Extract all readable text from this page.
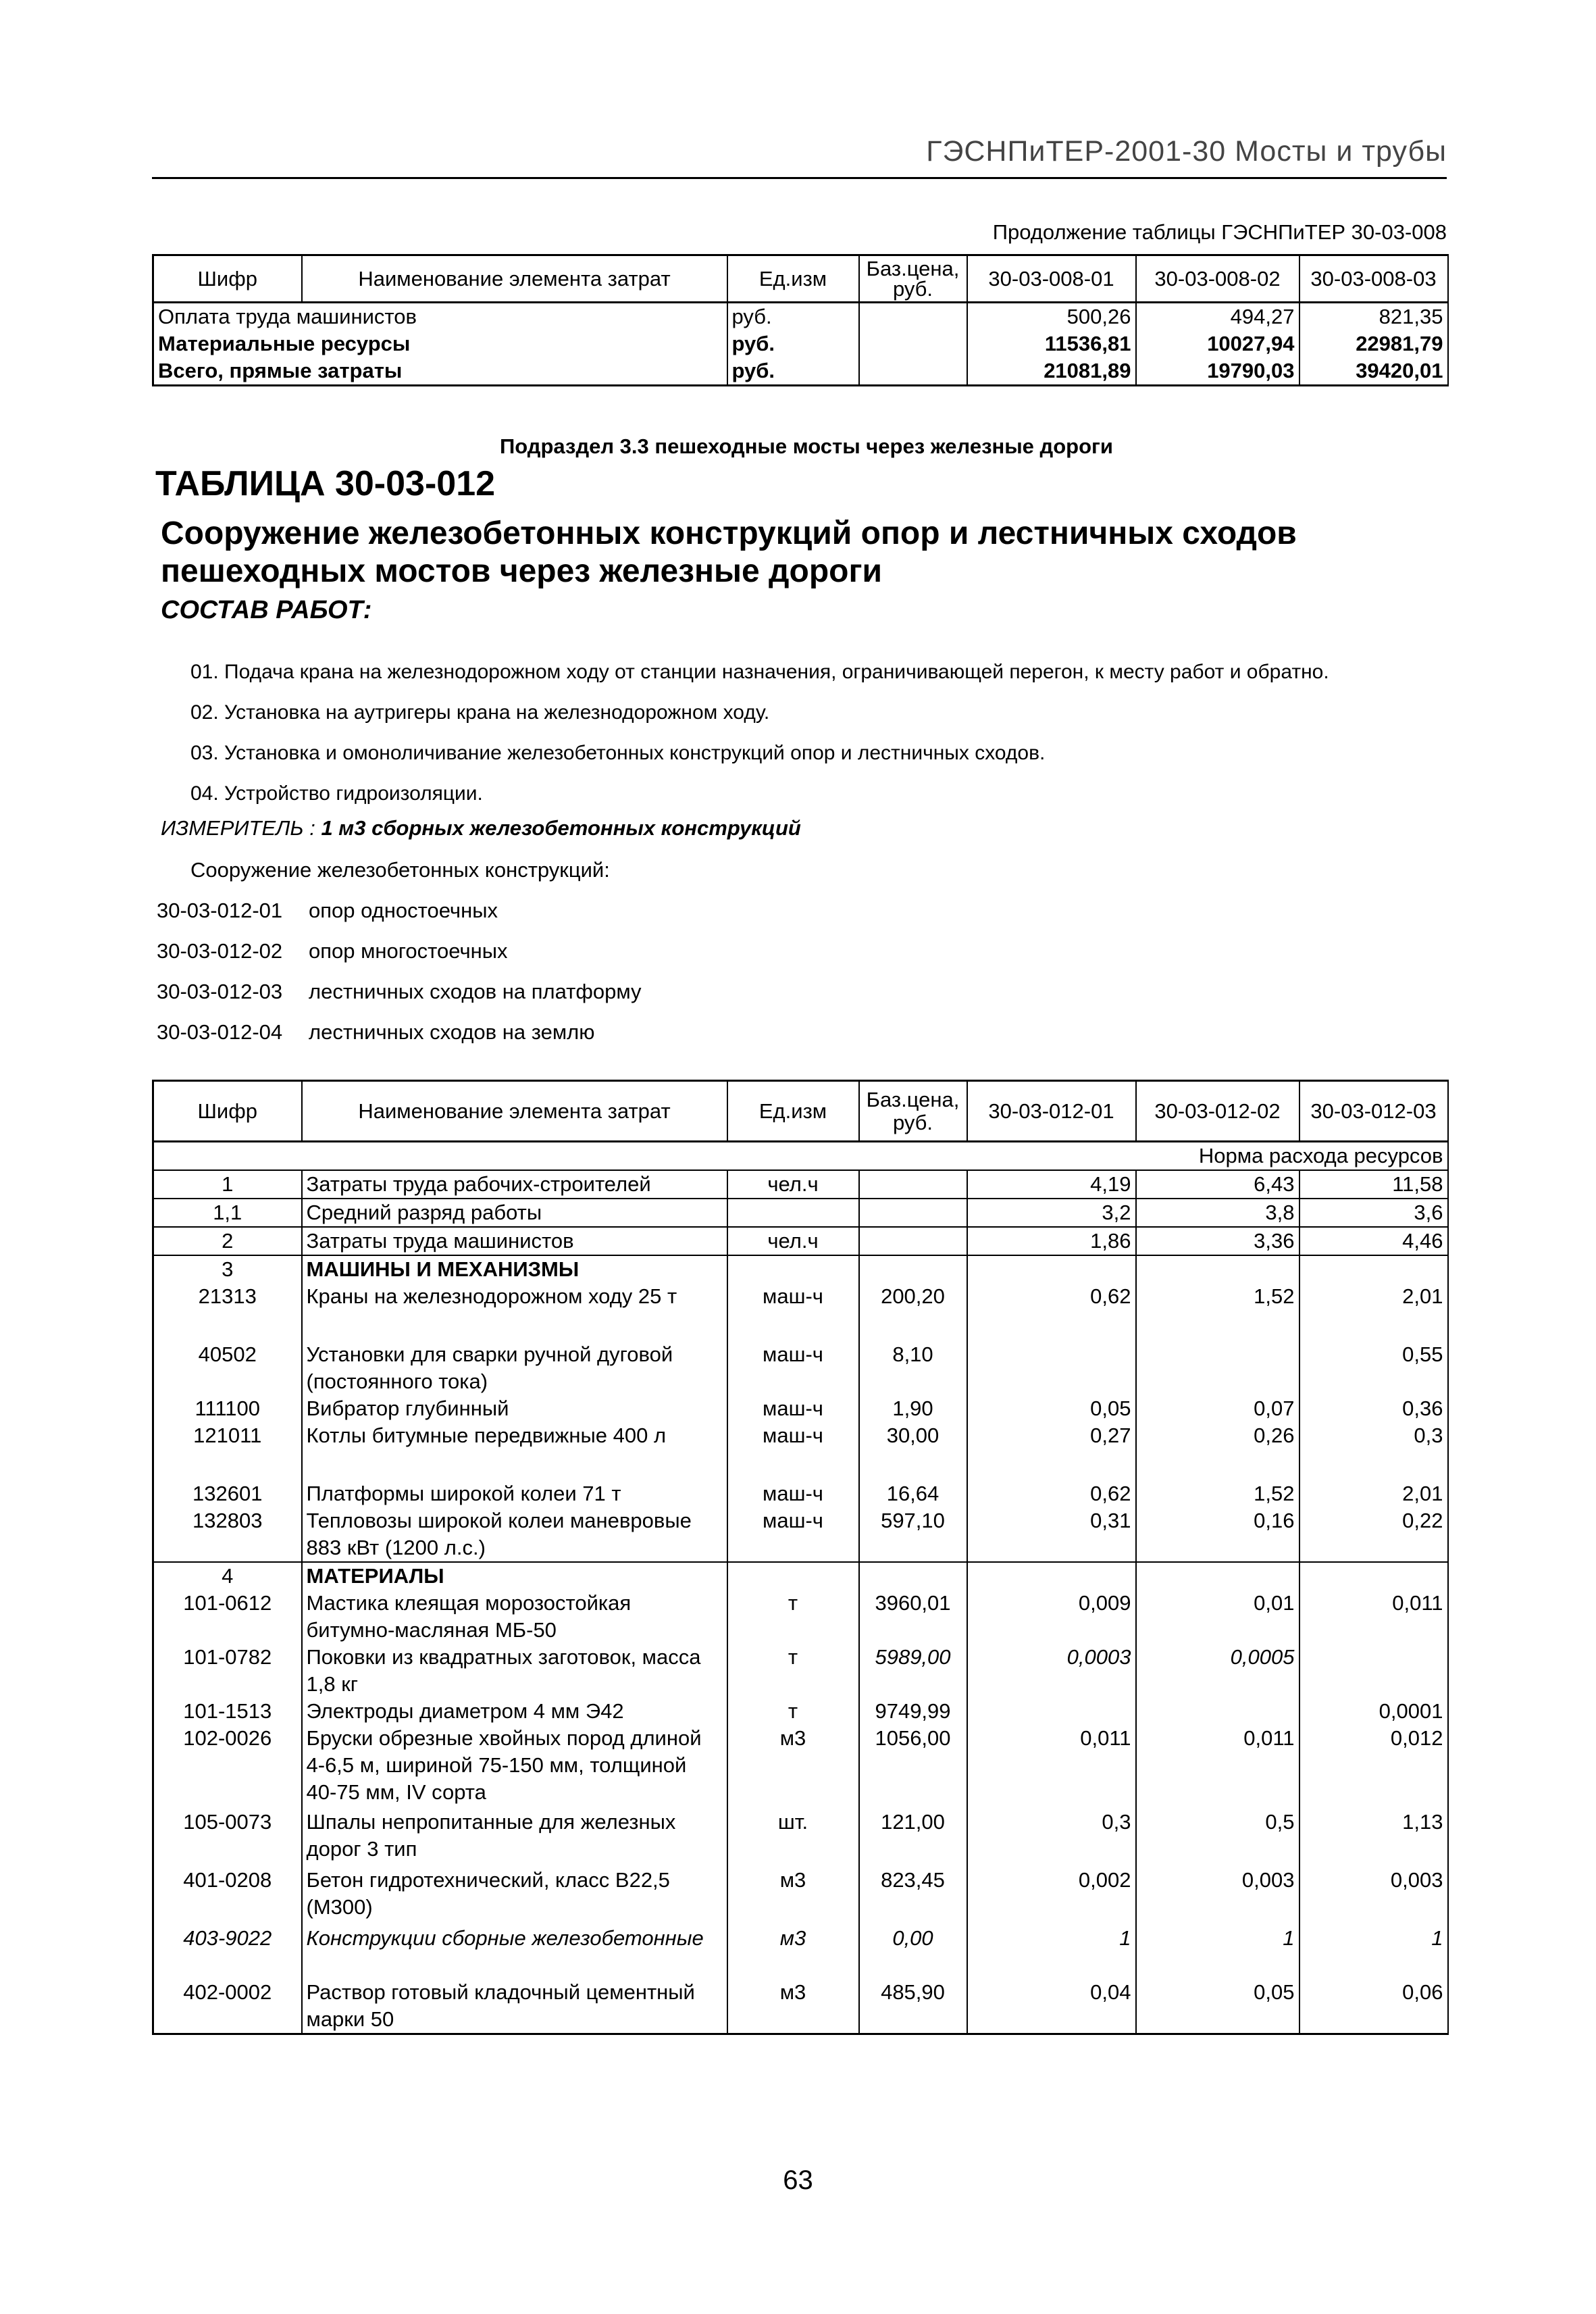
ГЭСНПиТЕР-2001-30 Мосты и трубы
Продолжение таблицы ГЭСНПиТЕР 30-03-008
Шифр	Наименование элемента затрат	Ед.изм	Баз.цена, руб.	30-03-008-01	30-03-008-02	30-03-008-03
Оплата труда машинистов		руб.		500,26	494,27	821,35
Материальные ресурсы		руб.		11536,81	10027,94	22981,79
Всего, прямые затраты		руб.		21081,89	19790,03	39420,01
Подраздел 3.3 пешеходные мосты через железные дороги
ТАБЛИЦА 30-03-012
Сооружение железобетонных конструкций опор и лестничных сходов пешеходных мостов через железные дороги
СОСТАВ РАБОТ:
01. Подача крана на железнодорожном ходу от станции назначения, ограничивающей перегон, к месту работ и обратно.
02. Установка на аутригеры крана на железнодорожном ходу.
03. Установка и омоноличивание железобетонных конструкций опор и лестничных сходов.
04. Устройство гидроизоляции.
ИЗМЕРИТЕЛЬ : 1 м3 сборных железобетонных конструкций
Сооружение железобетонных конструкций:
30-03-012-01 опор одностоечных
30-03-012-02 опор многостоечных
30-03-012-03 лестничных сходов на платформу
30-03-012-04 лестничных сходов на землю
Шифр	Наименование элемента затрат	Ед.изм	Баз.цена, руб.	30-03-012-01	30-03-012-02	30-03-012-03
Норма расхода ресурсов						
1	Затраты труда рабочих-строителей	чел.ч		4,19	6,43	11,58
1,1	Средний разряд работы			3,2	3,8	3,6
2	Затраты труда машинистов	чел.ч		1,86	3,36	4,46
3	МАШИНЫ И МЕХАНИЗМЫ					
21313	Краны на железнодорожном ходу 25 т	маш-ч	200,20	0,62	1,52	2,01
40502	Установки для сварки ручной дуговой (постоянного тока)	маш-ч	8,10			0,55
111100	Вибратор глубинный	маш-ч	1,90	0,05	0,07	0,36
121011	Котлы битумные передвижные 400 л	маш-ч	30,00	0,27	0,26	0,3
132601	Платформы широкой колеи 71 т	маш-ч	16,64	0,62	1,52	2,01
132803	Тепловозы широкой колеи маневровые 883 кВт (1200 л.с.)	маш-ч	597,10	0,31	0,16	0,22
4	МАТЕРИАЛЫ					
101-0612	Мастика клеящая морозостойкая битумно-масляная МБ-50	т	3960,01	0,009	0,01	0,011
101-0782	Поковки из квадратных заготовок, масса 1,8 кг	т	5989,00	0,0003	0,0005	
101-1513	Электроды диаметром 4 мм Э42	т	9749,99			0,0001
102-0026	Бруски обрезные хвойных пород длиной 4-6,5 м, шириной 75-150 мм, толщиной 40-75 мм, IV сорта	м3	1056,00	0,011	0,011	0,012
105-0073	Шпалы непропитанные для железных дорог 3 тип	шт.	121,00	0,3	0,5	1,13
401-0208	Бетон гидротехнический, класс В22,5 (М300)	м3	823,45	0,002	0,003	0,003
403-9022	Конструкции сборные железобетонные	м3	0,00	1	1	1
402-0002	Раствор готовый кладочный цементный марки 50	м3	485,90	0,04	0,05	0,06
63
